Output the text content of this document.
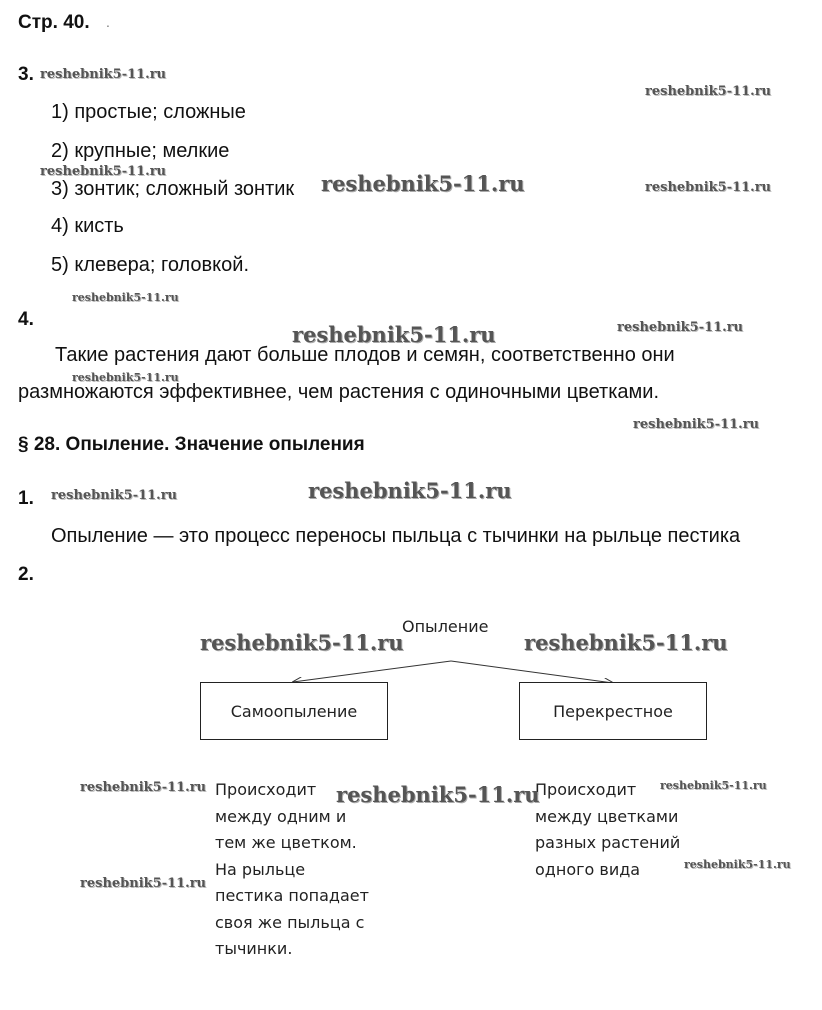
Стр. 40. .
3.
1) простые; сложные
2) крупные; мелкие
3) зонтик; сложный зонтик
4) кисть
5) клевера; головкой.
4.
Такие растения дают больше плодов и семян, соответственно они
размножаются эффективнее, чем растения с одиночными цветками.
§ 28. Опыление. Значение опыления
1.
Опыление — это процесс переносы пыльца с тычинки на рыльце пестика
2.
Опыление
Самоопыление	Перекрестное
Происходит
между одним и
тем же цветком.
На рыльце
пестика попадает
своя же пыльца с
тычинки.
Происходит
между цветками
разных растений
одного вида
reshebnik5-11.ru
reshebnik5-11.ru
reshebnik5-11.ru	reshebnik5-11.ru	reshebnik5-11.ru
reshebnik5-11.ru
reshebnik5-11.ru	reshebnik5-11.ru
reshebnik5-11.ru
reshebnik5-11.ru
reshebnik5-11.ru	reshebnik5-11.ru
reshebnik5-11.ru	reshebnik5-11.ru
reshebnik5-11.ru	reshebnik5-11.ru	reshebnik5-11.ru
reshebnik5-11.ru
reshebnik5-11.ru
